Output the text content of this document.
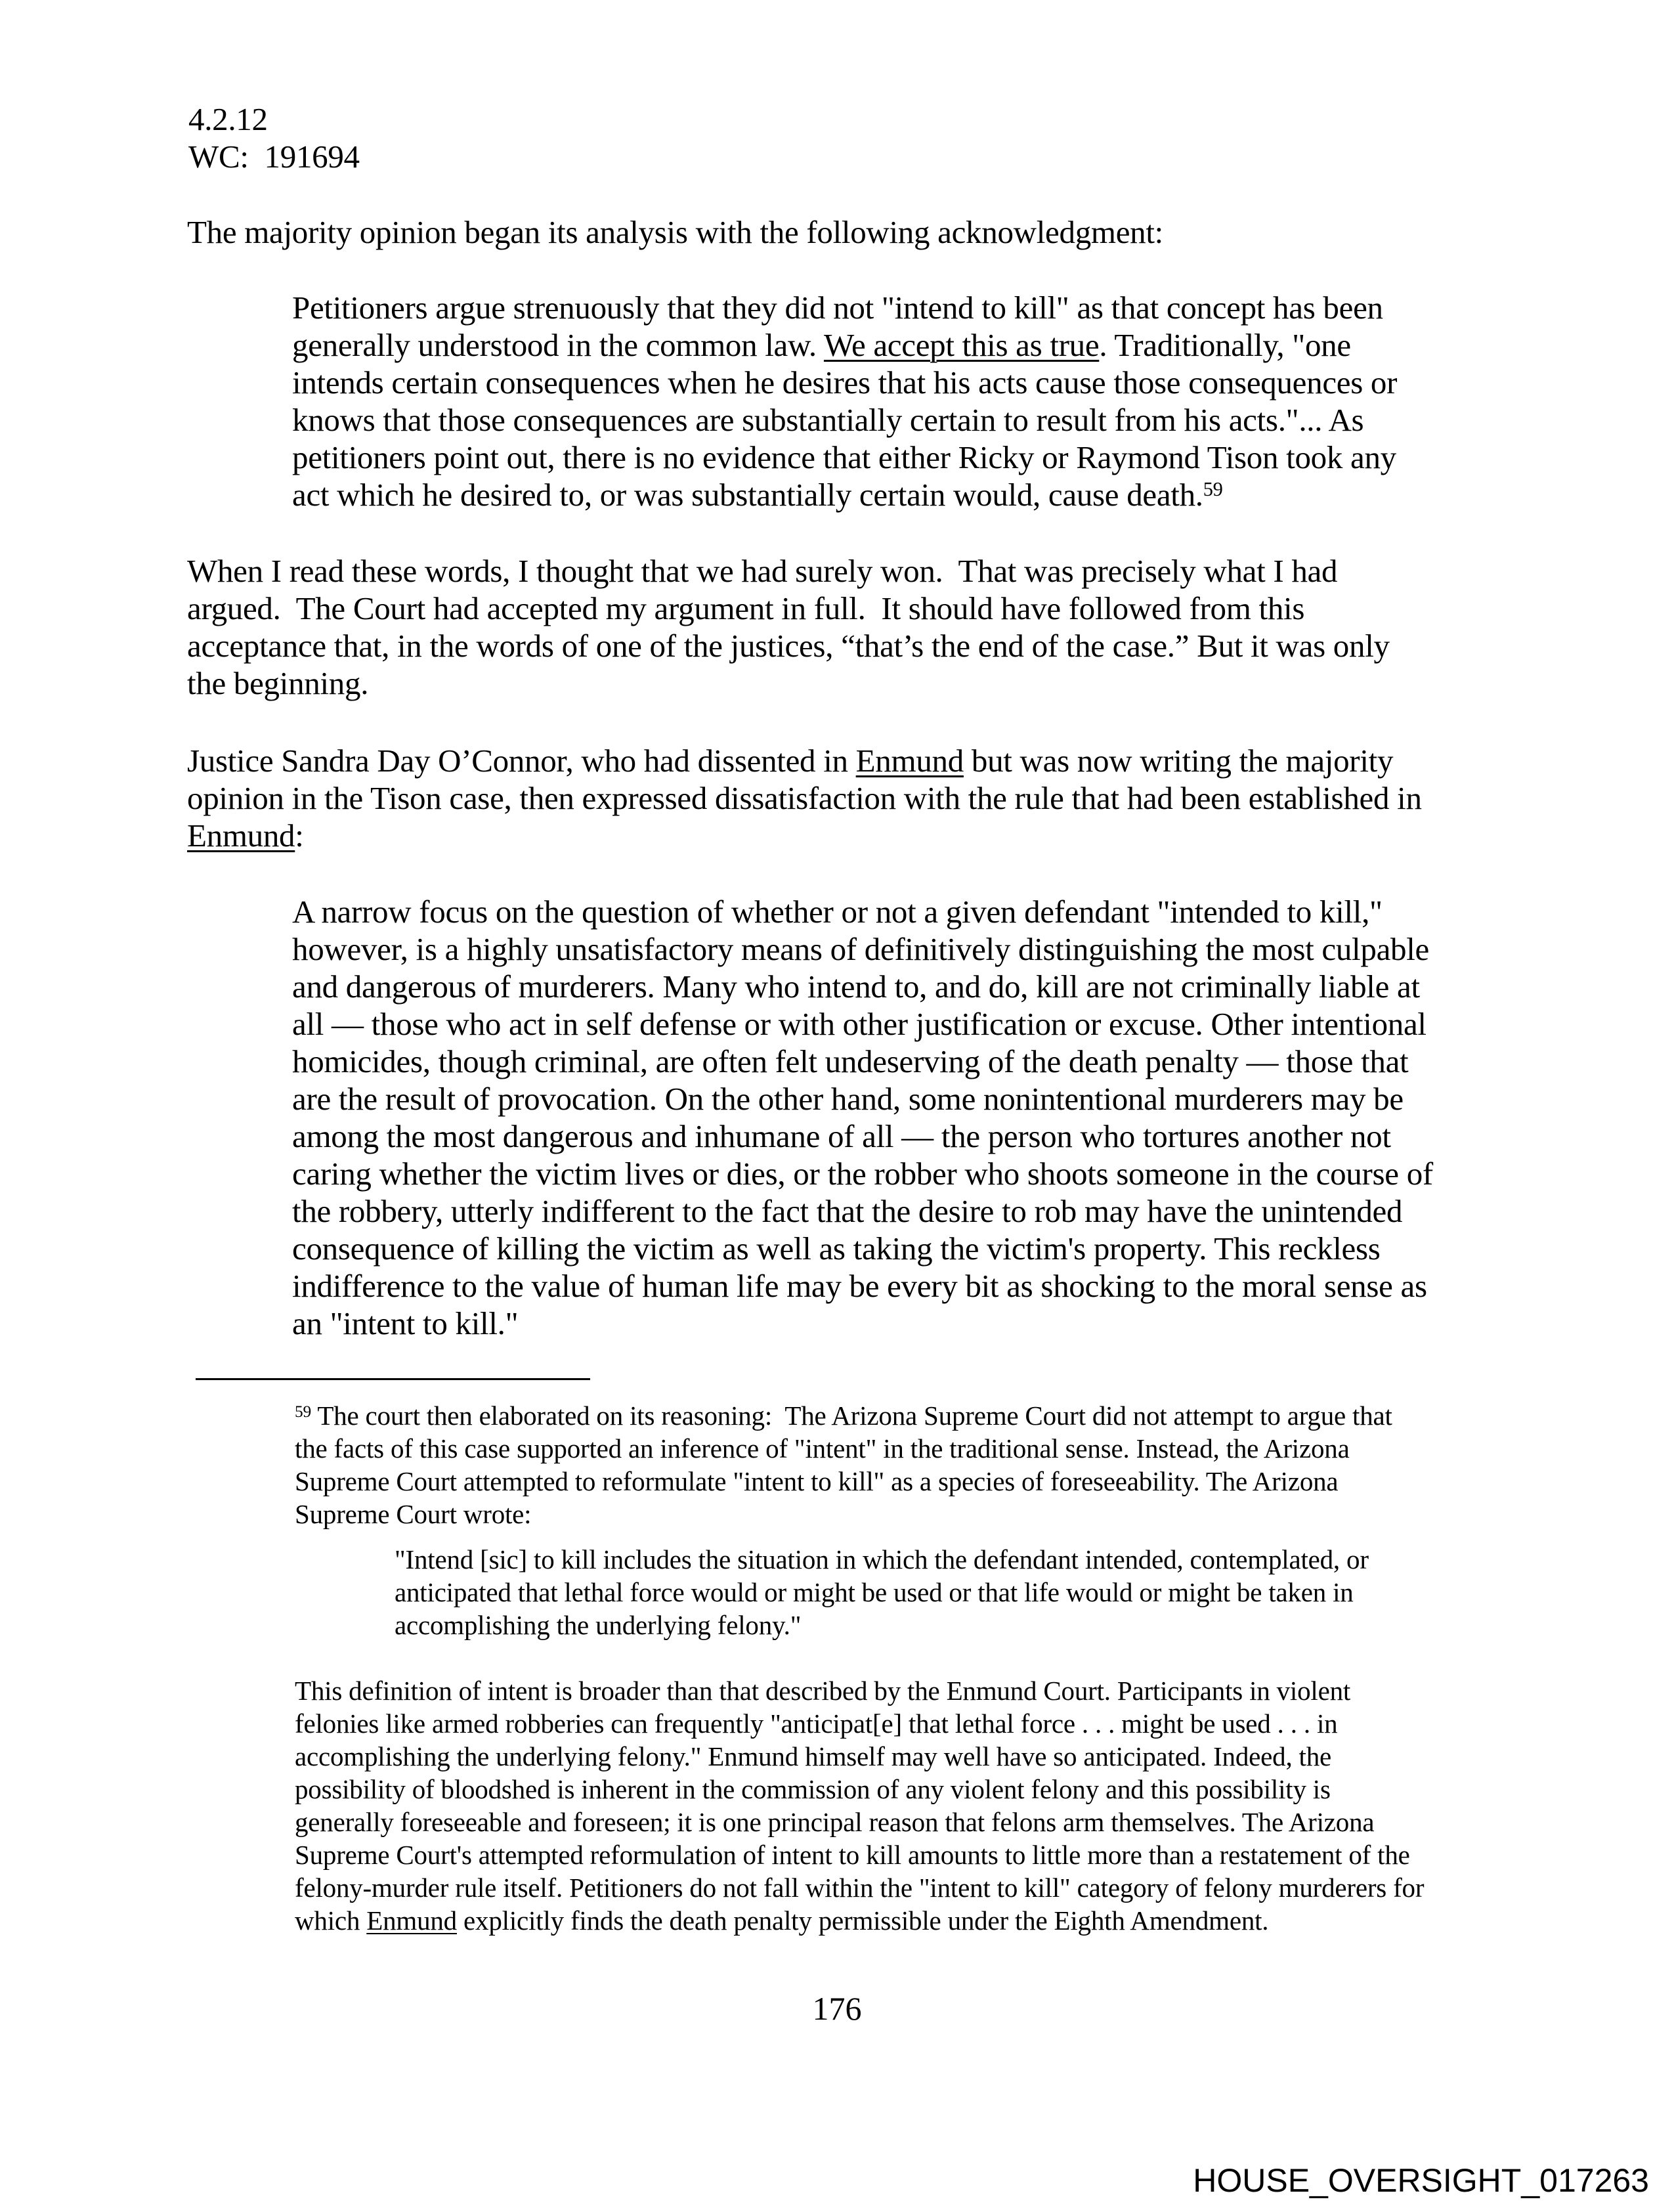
4.2.12
WC:  191694
The majority opinion began its analysis with the following acknowledgment:
Petitioners argue strenuously that they did not "intend to kill" as that concept has been
generally understood in the common law. We accept this as true. Traditionally, "one
intends certain consequences when he desires that his acts cause those consequences or
knows that those consequences are substantially certain to result from his acts."... As
petitioners point out, there is no evidence that either Ricky or Raymond Tison took any
act which he desired to, or was substantially certain would, cause death.$^{59}$
When I read these words, I thought that we had surely won.  That was precisely what I had
argued.  The Court had accepted my argument in full.  It should have followed from this
acceptance that, in the words of one of the justices, “that’s the end of the case.” But it was only
the beginning.
Justice Sandra Day O’Connor, who had dissented in Enmund but was now writing the majority
opinion in the Tison case, then expressed dissatisfaction with the rule that had been established in
Enmund:
A narrow focus on the question of whether or not a given defendant "intended to kill,"
however, is a highly unsatisfactory means of definitively distinguishing the most culpable
and dangerous of murderers. Many who intend to, and do, kill are not criminally liable at
all — those who act in self defense or with other justification or excuse. Other intentional
homicides, though criminal, are often felt undeserving of the death penalty — those that
are the result of provocation. On the other hand, some nonintentional murderers may be
among the most dangerous and inhumane of all — the person who tortures another not
caring whether the victim lives or dies, or the robber who shoots someone in the course of
the robbery, utterly indifferent to the fact that the desire to rob may have the unintended
consequence of killing the victim as well as taking the victim's property. This reckless
indifference to the value of human life may be every bit as shocking to the moral sense as
an "intent to kill."
$^{59}$ The court then elaborated on its reasoning:  The Arizona Supreme Court did not attempt to argue that
the facts of this case supported an inference of "intent" in the traditional sense. Instead, the Arizona
Supreme Court attempted to reformulate "intent to kill" as a species of foreseeability. The Arizona
Supreme Court wrote:
"Intend [sic] to kill includes the situation in which the defendant intended, contemplated, or
anticipated that lethal force would or might be used or that life would or might be taken in
accomplishing the underlying felony."
This definition of intent is broader than that described by the Enmund Court. Participants in violent
felonies like armed robberies can frequently "anticipat[e] that lethal force . . . might be used . . . in
accomplishing the underlying felony." Enmund himself may well have so anticipated. Indeed, the
possibility of bloodshed is inherent in the commission of any violent felony and this possibility is
generally foreseeable and foreseen; it is one principal reason that felons arm themselves. The Arizona
Supreme Court's attempted reformulation of intent to kill amounts to little more than a restatement of the
felony-murder rule itself. Petitioners do not fall within the "intent to kill" category of felony murderers for
which Enmund explicitly finds the death penalty permissible under the Eighth Amendment.
176
HOUSE_OVERSIGHT_017263
